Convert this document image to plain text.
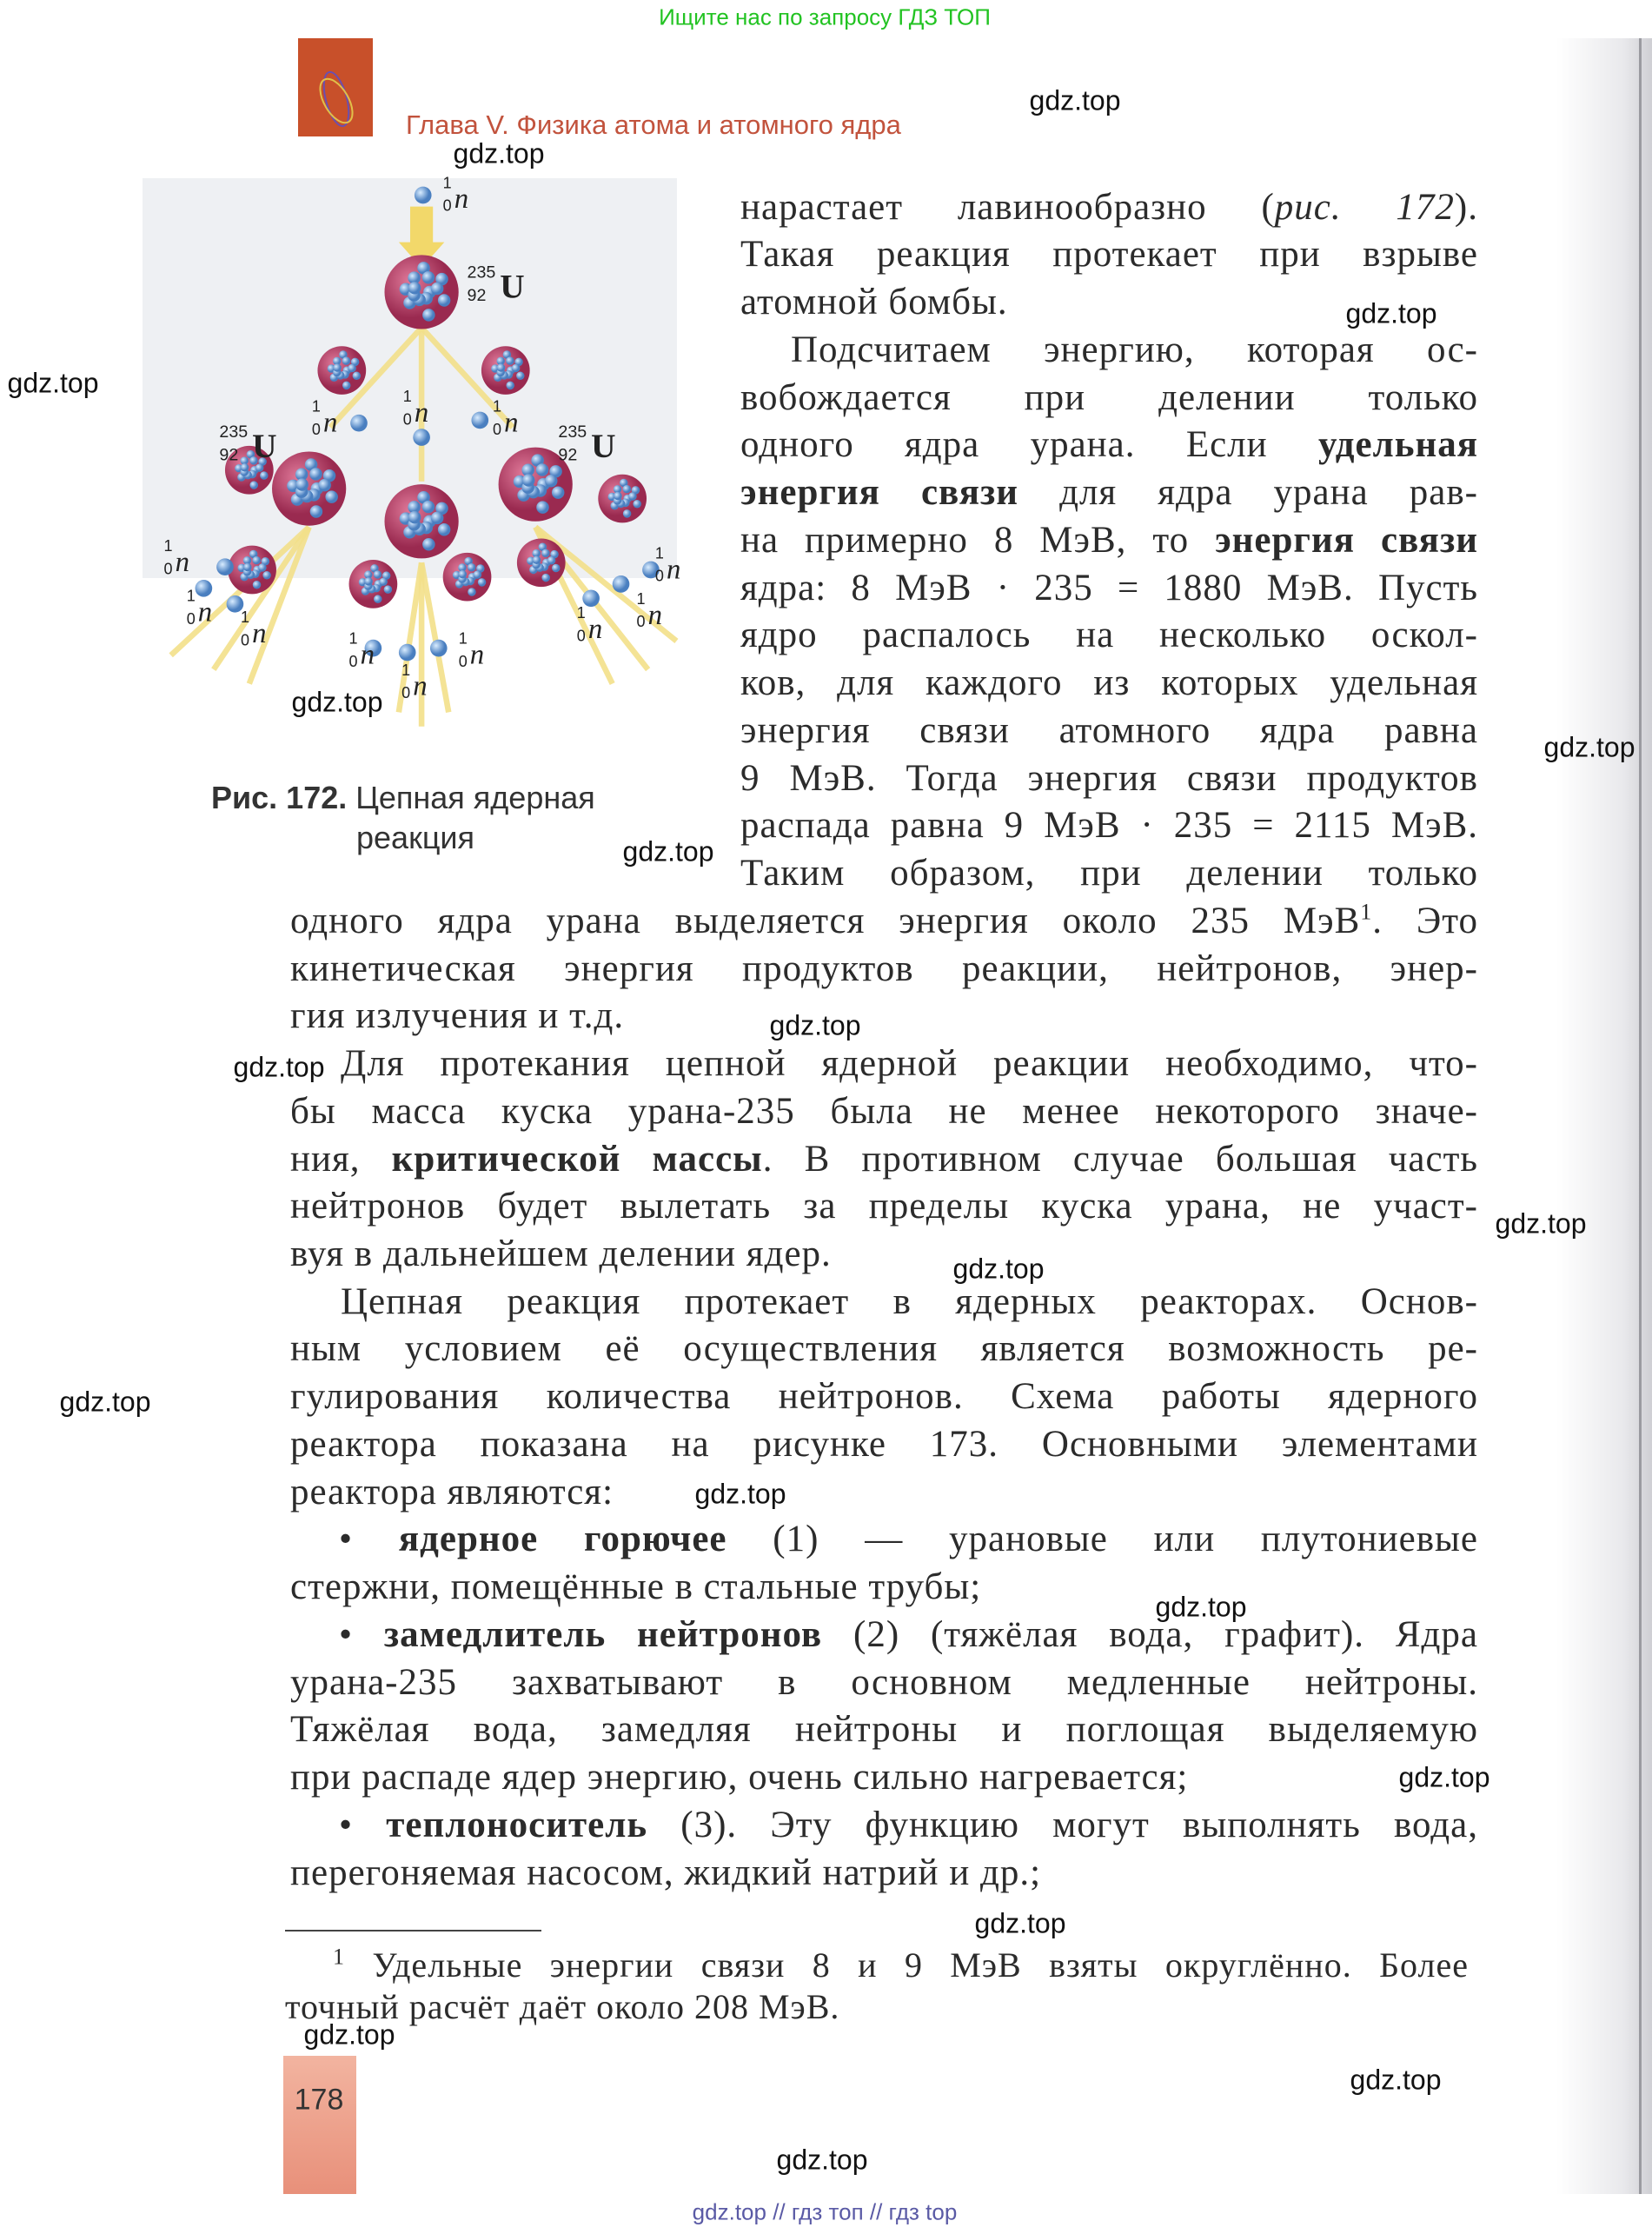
Ищите нас по запросу ГДЗ ТОП
Глава V. Физика атома и атомного ядра
1
0 n
1
0 n
1
0 n	1
0 n
1
0 n
1
0 n	1
0 n	1
0 n	1
0 n
1
0 n
1
0 n
1
0 n
1
0 n
235
92 U
235
92 U	235
92 U
Рис. 172. Цепная ядерная
реакция
нарастает лавинообразно (рис. 172).
Такая реакция протекает при взрыве
атомной бомбы.
Подсчитаем энергию, которая ос-
вобождается при делении только
одного ядра урана. Если удельная
энергия связи для ядра урана рав-
на примерно 8 МэВ, то энергия связи
ядра: 8 МэВ · 235 = 1880 МэВ. Пусть
ядро распалось на несколько оскол-
ков, для каждого из которых удельная
энергия связи атомного ядра равна
9 МэВ. Тогда энергия связи продуктов
распада равна 9 МэВ · 235 = 2115 МэВ.
Таким образом, при делении только
одного ядра урана выделяется энергия около 235 МэВ$^1$. Это
кинетическая энергия продуктов реакции, нейтронов, энер-
гия излучения и т.д.
Для протекания цепной ядерной реакции необходимо, что-
бы масса куска урана-235 была не менее некоторого значе-
ния, критической массы. В противном случае большая часть
нейтронов будет вылетать за пределы куска урана, не участ-
вуя в дальнейшем делении ядер.
Цепная реакция протекает в ядерных реакторах. Основ-
ным условием её осуществления является возможность ре-
гулирования количества нейтронов. Схема работы ядерного
реактора показана на рисунке 173. Основными элементами
реактора являются:
• ядерное горючее (1) — урановые или плутониевые
стержни, помещённые в стальные трубы;
• замедлитель нейтронов (2) (тяжёлая вода, графит). Ядра
урана-235 захватывают в основном медленные нейтроны.
Тяжёлая вода, замедляя нейтроны и поглощая выделяемую
при распаде ядер энергию, очень сильно нагревается;
• теплоноситель (3). Эту функцию могут выполнять вода,
перегоняемая насосом, жидкий натрий и др.;
$^1$ Удельные энергии связи 8 и 9 МэВ взяты округлённо. Более
точный расчёт даёт около 208 МэВ.
178
gdz.top // гдз топ // гдз top
gdz.top
gdz.top
gdz.top
gdz.top
gdz.top
gdz.top
gdz.top
gdz.top
gdz.top
gdz.top
gdz.top
gdz.top
gdz.top
gdz.top
gdz.top
gdz.top
gdz.top
gdz.top
gdz.top
